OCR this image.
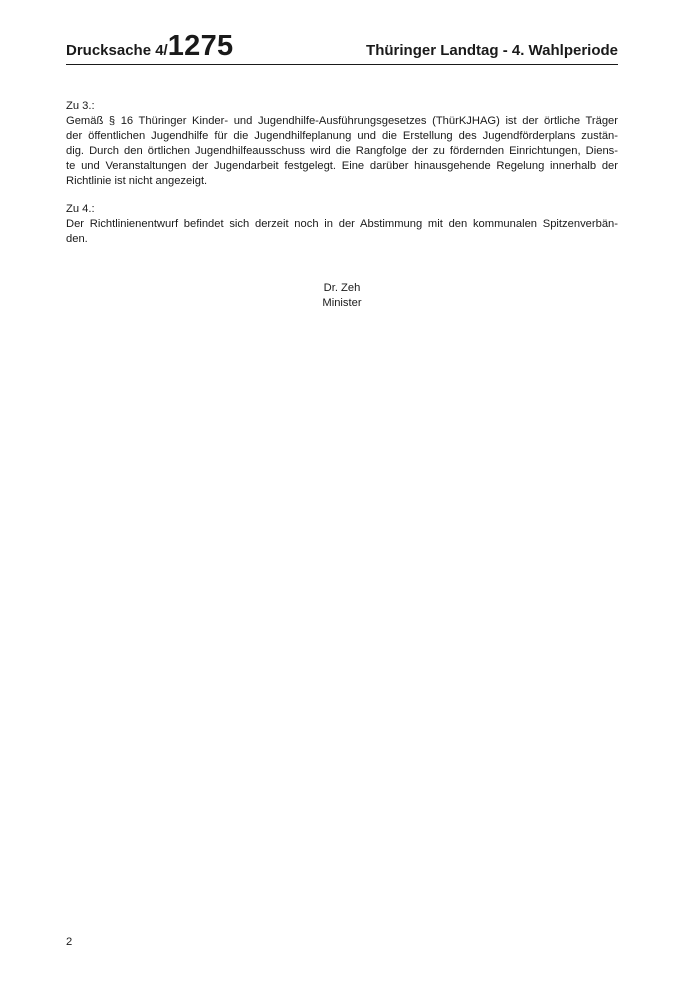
Drucksache 4/1275	Thüringer Landtag - 4. Wahlperiode
Zu 3.:
Gemäß § 16 Thüringer Kinder- und Jugendhilfe-Ausführungsgesetzes (ThürKJHAG) ist der örtliche Träger
der öffentlichen Jugendhilfe für die Jugendhilfeplanung und die Erstellung des Jugendförderplans zustän-
dig. Durch den örtlichen Jugendhilfeausschuss wird die Rangfolge der zu fördernden Einrichtungen, Diens-
te und Veranstaltungen der Jugendarbeit festgelegt. Eine darüber hinausgehende Regelung innerhalb der
Richtlinie ist nicht angezeigt.
Zu 4.:
Der Richtlinienentwurf befindet sich derzeit noch in der Abstimmung mit den kommunalen Spitzenverbän-
den.
Dr. Zeh
Minister
2
